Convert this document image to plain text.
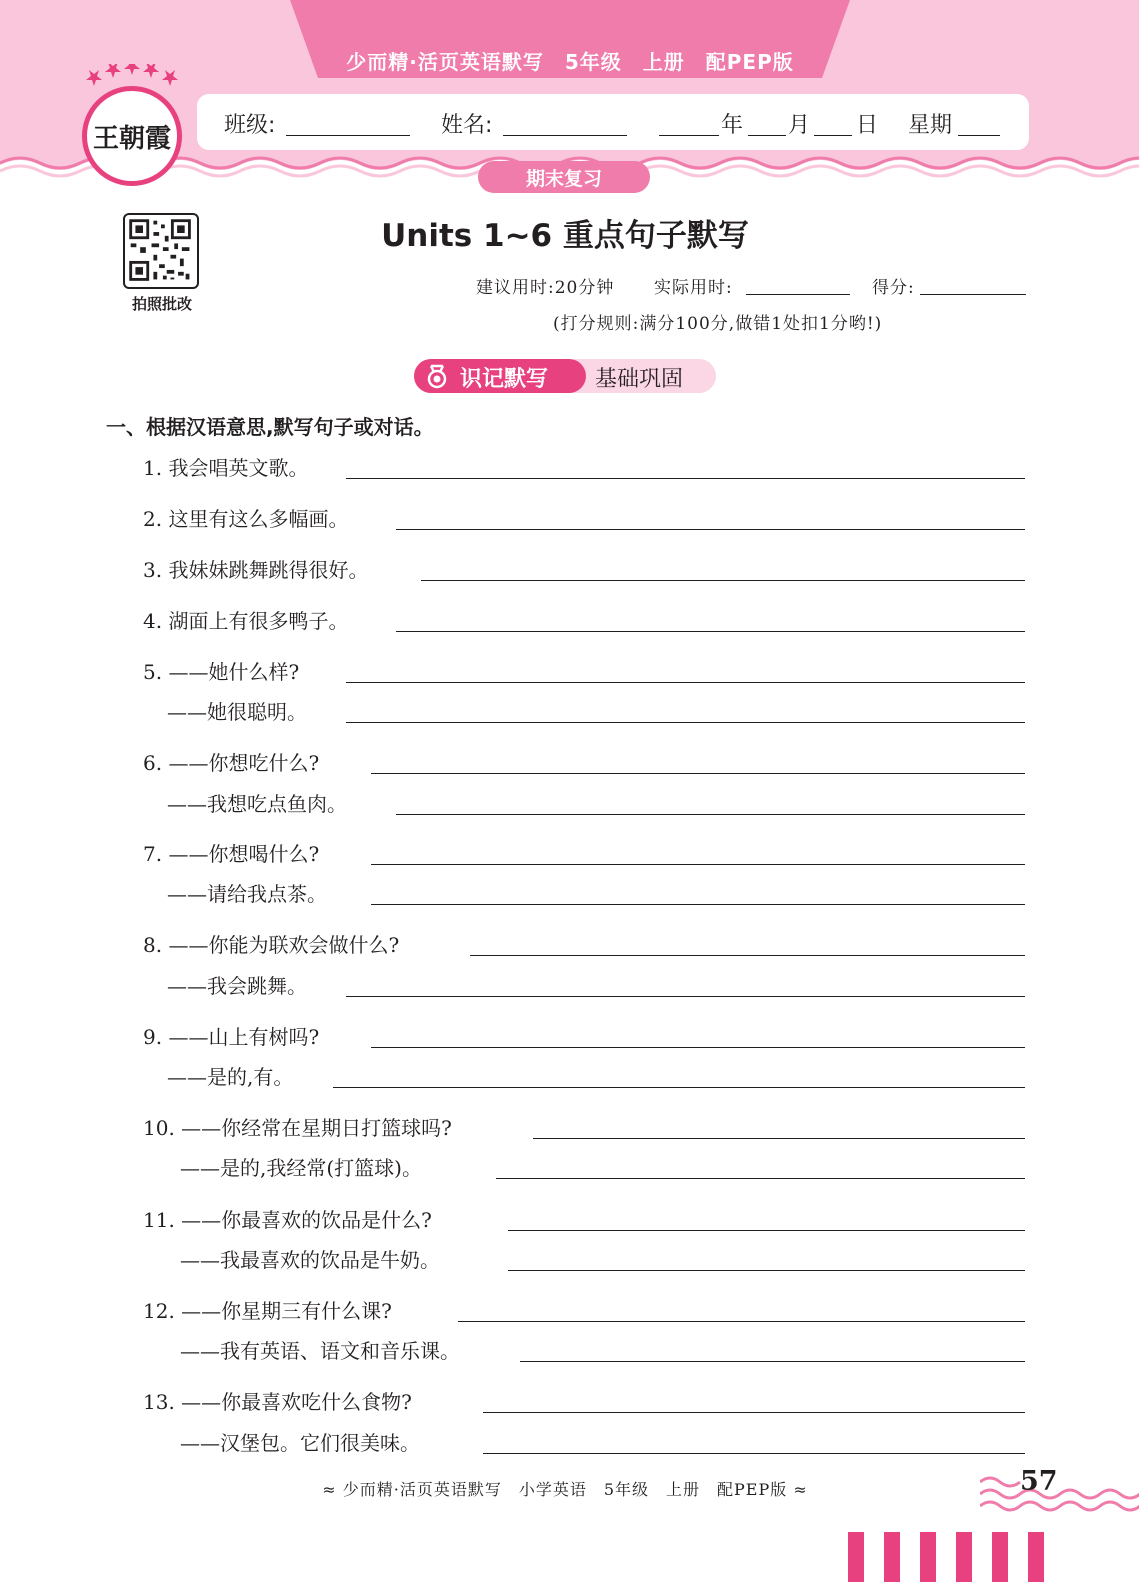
少而精·活页英语默写　5年级　上册　配PEP版
班级:	姓名:	年 月 日 星期
王朝霞
期末复习
拍照批改
Units 1~6 重点句子默写
建议用时:20分钟 实际用时:	得分:
(打分规则:满分100分,做错1处扣1分哟!)
识记默写 基础巩固
一、根据汉语意思,默写句子或对话。
1. 我会唱英文歌。
2. 这里有这么多幅画。
3. 我妹妹跳舞跳得很好。
4. 湖面上有很多鸭子。
5. ——她什么样?
——她很聪明。
6. ——你想吃什么?
——我想吃点鱼肉。
7. ——你想喝什么?
——请给我点茶。
8. ——你能为联欢会做什么?
——我会跳舞。
9. ——山上有树吗?
——是的,有。
10. ——你经常在星期日打篮球吗?
——是的,我经常(打篮球)。
11. ——你最喜欢的饮品是什么?
——我最喜欢的饮品是牛奶。
12. ——你星期三有什么课?
——我有英语、语文和音乐课。
13. ——你最喜欢吃什么食物?
——汉堡包。它们很美味。
≈ 少而精·活页英语默写　小学英语　5年级　上册　配PEP版 ≈	57
